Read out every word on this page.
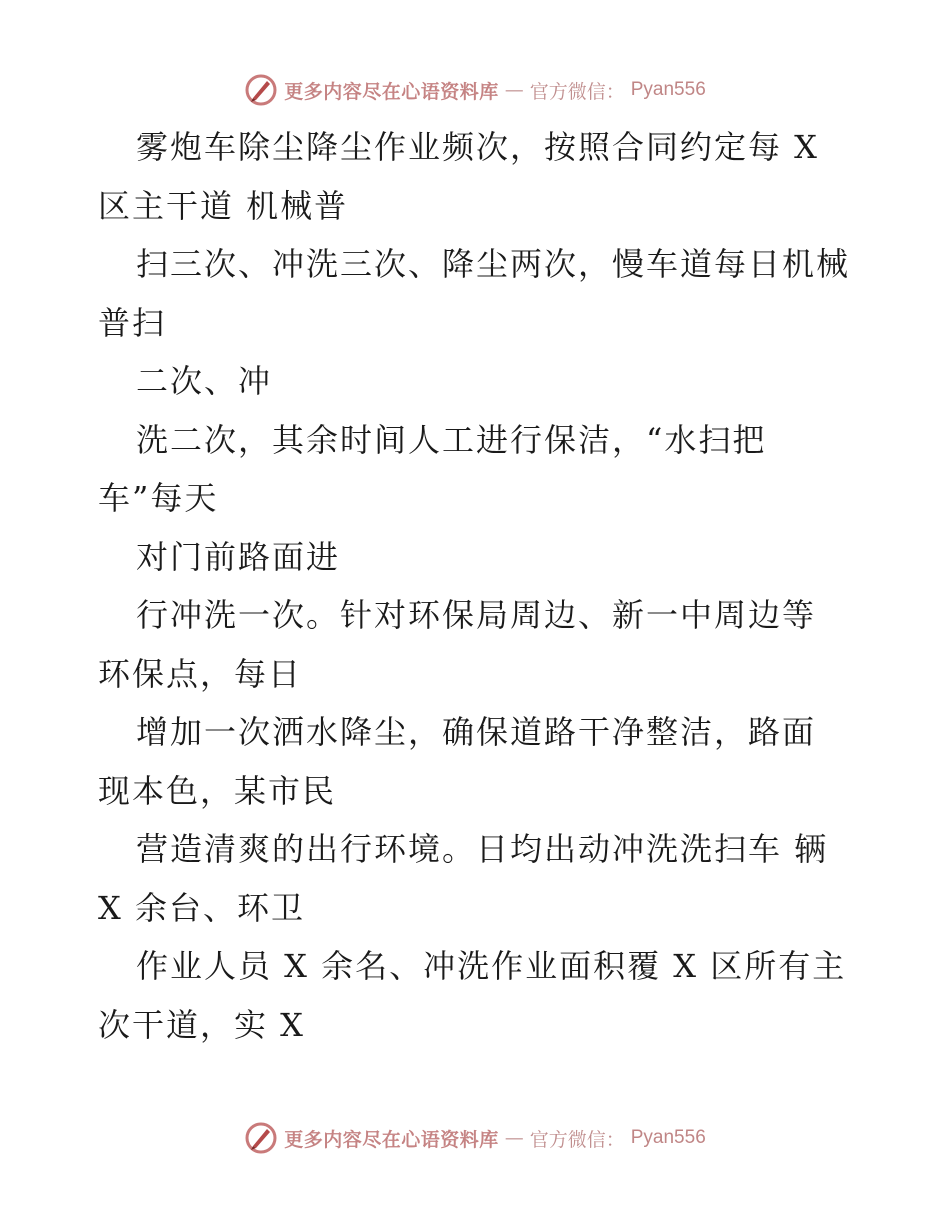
更多内容尽在心语资料库 — 官方微信： Pyan556
雾炮车除尘降尘作业频次，按照合同约定每 X
区主干道 机械普
扫三次、冲洗三次、降尘两次，慢车道每日机械
普扫
二次、冲
洗二次，其余时间人工进行保洁，“水扫把
车”每天
对门前路面进
行冲洗一次。针对环保局周边、新一中周边等
环保点，每日
增加一次洒水降尘，确保道路干净整洁，路面
现本色，某市民
营造清爽的出行环境。日均出动冲洗洗扫车 辆
X 余台、环卫
作业人员 X 余名、冲洗作业面积覆 X 区所有主
次干道，实 X
更多内容尽在心语资料库 — 官方微信： Pyan556
